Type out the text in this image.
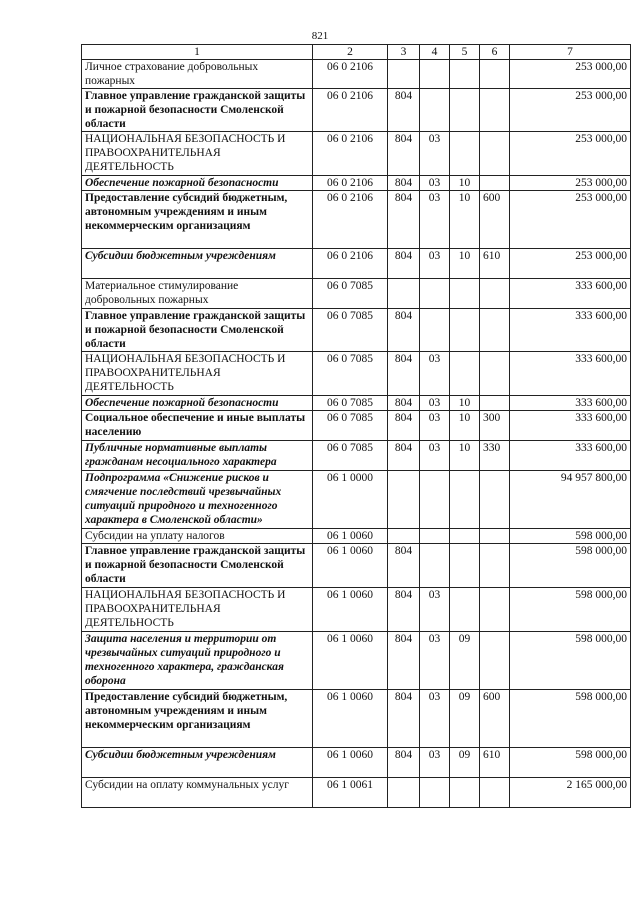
821
1	2	3	4	5	6	7
Личное страхование добровольных пожарных	06 0 2106					253 000,00
Главное управление гражданской защиты и пожарной безопасности Смоленской области	06 0 2106	804				253 000,00
НАЦИОНАЛЬНАЯ БЕЗОПАСНОСТЬ И ПРАВООХРАНИТЕЛЬНАЯ ДЕЯТЕЛЬНОСТЬ	06 0 2106	804	03			253 000,00
Обеспечение пожарной безопасности	06 0 2106	804	03	10		253 000,00
Предоставление субсидий бюджетным, автономным учреждениям и иным некоммерческим организациям	06 0 2106	804	03	10	600	253 000,00
Субсидии бюджетным учреждениям	06 0 2106	804	03	10	610	253 000,00
Материальное стимулирование добровольных пожарных	06 0 7085					333 600,00
Главное управление гражданской защиты и пожарной безопасности Смоленской области	06 0 7085	804				333 600,00
НАЦИОНАЛЬНАЯ БЕЗОПАСНОСТЬ И ПРАВООХРАНИТЕЛЬНАЯ ДЕЯТЕЛЬНОСТЬ	06 0 7085	804	03			333 600,00
Обеспечение пожарной безопасности	06 0 7085	804	03	10		333 600,00
Социальное обеспечение и иные выплаты населению	06 0 7085	804	03	10	300	333 600,00
Публичные нормативные выплаты гражданам несоциального характера	06 0 7085	804	03	10	330	333 600,00
Подпрограмма «Снижение рисков и смягчение последствий чрезвычайных ситуаций природного и техногенного характера в Смоленской области»	06 1 0000					94 957 800,00
Субсидии на уплату налогов	06 1 0060					598 000,00
Главное управление гражданской защиты и пожарной безопасности Смоленской области	06 1 0060	804				598 000,00
НАЦИОНАЛЬНАЯ БЕЗОПАСНОСТЬ И ПРАВООХРАНИТЕЛЬНАЯ ДЕЯТЕЛЬНОСТЬ	06 1 0060	804	03			598 000,00
Защита населения и территории от чрезвычайных ситуаций природного и техногенного характера, гражданская оборона	06 1 0060	804	03	09		598 000,00
Предоставление субсидий бюджетным, автономным учреждениям и иным некоммерческим организациям	06 1 0060	804	03	09	600	598 000,00
Субсидии бюджетным учреждениям	06 1 0060	804	03	09	610	598 000,00
Субсидии на оплату коммунальных услуг	06 1 0061					2 165 000,00
